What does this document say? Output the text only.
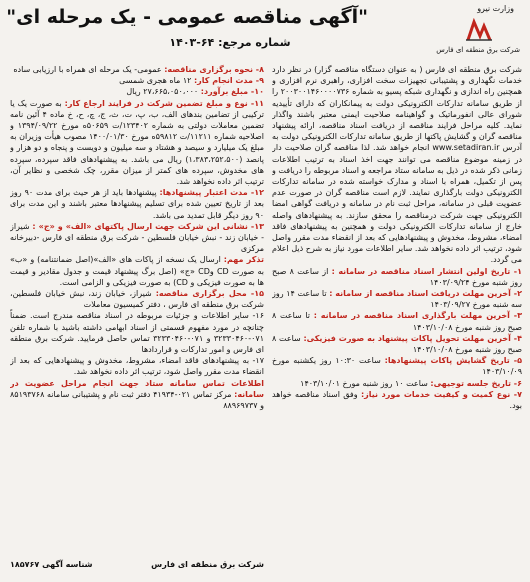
"آگهی مناقصه عمومی - یک مرحله ای"
شماره مرجع: ۶۴-۱۴۰۳
وزارت نیرو
شرکت برق منطقه ای فارس

شرکت برق منطقه ای فارس ( به عنوان دستگاه مناقصه گزار) در نظر دارد خدمات نگهداری و پشتیبانی تجهیزات سخت افزاری، راهبری نرم افزاری و همچنین راه اندازی و نگهداری شبکه پسیو به شماره ۲۰۰۳۰۰۱۴۶۰۰۰۰۷۳۶ را از طریق سامانه تدارکات الکترونیکی دولت به پیمانکاران که دارای تأییدیه شورای عالی انفورماتیک و گواهینامه صلاحیت ایمنی معتبر باشند واگذار نماید. کلیه مراحل فرایند مناقصه از دریافت اسناد مناقصه، ارائه پیشنهاد مناقصه گران و گشایش پاکتها از طریق سامانه تدارکات الکترونیکی دولت به آدرس www.setadiran.ir انجام خواهد شد. لذا مناقصه گران صلاحیت دار در زمینه موضوع مناقصه می توانند جهت اخذ اسناد به ترتیب اطلاعات زمانی ذکر شده در ذیل به سامانه ستاد مراجعه و اسناد مربوطه را دریافت و پس از تکمیل، همراه با اسناد و مدارک خواسته شده در سامانه تدارکات الکترونیکی دولت بارگذاری نمایند. لازم است مناقصه گران در صورت عدم عضویت قبلی در سامانه، مراحل ثبت نام در سامانه و دریافت گواهی امضا الکترونیکی جهت شرکت درمناقصه را محقق سازند. به پیشنهادهای واصله خارج از سامانه تدارکات الکترونیکی دولت و همچنین به پیشنهادهای فاقد امضاء، مشروط، مخدوش و پیشنهادهایی که بعد از انقضاء مدت مقرر واصل شود، ترتیب اثر داده نخواهد شد. سایر اطلاعات مورد نیاز به شرح ذیل اعلام می گردد.

۱- تاریخ اولین انتشار اسناد مناقصه در سامانه : از ساعت ۸ صبح روز شنبه مورخ ۱۴۰۳/۰۹/۲۴

۲- آخرین مهلت دریافت اسناد مناقصه از سامانه : تا ساعت ۱۴ روز سه شنبه مورخ ۱۴۰۳/۰۹/۲۷

۳- آخرین مهلت بارگذاری اسناد مناقصه در سامانه : تا ساعت ۸ صبح روز شنبه مورخ ۱۴۰۳/۱۰/۰۸

۴- آخرین مهلت تحویل پاکات پیشنهاد به صورت فیزیکی: ساعت ۸ صبح روز شنبه مورخ ۱۴۰۳/۱۰/۰۸

۵- تاریخ گشایش پاکات پیشنهادها: ساعت ۱۰:۳۰ روز یکشنبه مورخ ۱۴۰۳/۱۰/۰۹

۶- تاریخ جلسه توجیهی: ساعت ۱۰ روز شنبه مورخ ۱۴۰۳/۱۰/۰۱

۷- نوع کمیت و کیفیت خدمات مورد نیاز: وفق اسناد مناقصه خواهد بود.

۸- نحوه برگزاری مناقصه: عمومی- یک مرحله ای همراه با ارزیابی ساده

۹- مدت انجام کار: ۱۲ ماه هجری شمسی

۱۰- مبلغ برآورد: ۲۷،۶۶۵،۰۵۰،۰۰۰ ریال

۱۱- نوع و مبلغ تضمین شرکت در فرایند ارجاع کار: به صورت یک یا ترکیبی از تضامین بندهای الف، ب، پ، ت، ث، ج، چ، ح، خ ماده ۴ آئین نامه تضمین معاملات دولتی به شماره ۱۲۳۴۰۲/ت ۵۰۶۵۹ه مورخ ۱۳۹۴/۰۹/۲۲ و اصلاحیه شماره ۱۱۲۱۱/ت ۵۹۸۱۲ه مورخ ۱۴۰۰/۰۱/۳۰ مصوب هیأت وزیران به مبلغ یک میلیارد و سیصد و هشتاد و سه میلیون و دویست و پنجاه و دو هزار و پانصد (۱،۳۸۳،۲۵۲،۵۰۰) ریال می باشد. به پیشنهادهای فاقد سپرده، سپرده های مخدوش، سپرده های کمتر از میزان مقرر، چک شخصی و نظایر آن، ترتیب اثر داده نخواهد شد.

۱۲- مدت اعتبار پیشنهادها: پیشنهادها باید از هر حیث برای مدت ۹۰ روز بعد از تاریخ تعیین شده برای تسلیم پیشنهادها معتبر باشند و این مدت برای ۹۰ روز دیگر قابل تمدید می باشد.

۱۳- نشانی این شرکت جهت ارسال پاکتهای «الف» و «ج» : شیراز - خیابان زند - نبش خیابان فلسطین - شرکت برق منطقه ای فارس -دبیرخانه مرکزی

تذکر مهم: ارسال یک نسخه از پاکات های «الف»(اصل ضمانتنامه) و «ب» به صورت CD وCD «ج» (اصل برگ پیشنهاد قیمت و جدول مقادیر و قیمت ها به صورت فیزیکی و CD) به صورت فیزیکی و الزامی است.

۱۵- محل برگزاری مناقصه: شیراز، خیابان زند، نبش خیابان فلسطین، شرکت برق منطقه ای فارس ، دفتر کمیسیون معاملات

۱۶- سایر اطلاعات و جزئیات مربوطه در اسناد مناقصه مندرج است. ضمناً چنانچه در مورد مفهوم قسمتی از اسناد ابهامی داشته باشید با شماره تلفن ۰۷۱-۳۲۳۳۰۴۶۰ و ۰۷۱-۳۲۳۳۰۴۶۰ تماس حاصل فرمایید. شرکت برق منطقه ای فارس و امور تدارکات و قراردادها

۱۷- به پیشنهادهای فاقد امضاء، مشروط، مخدوش و پیشنهادهایی که بعد از انقضاء مدت مقرر واصل شود، ترتیب اثر داده نخواهد شد.

اطلاعات تماس سامانه ستاد جهت انجام مراحل عضویت در سامانه: مرکز تماس ۰۲۱-۴۱۹۳۴ دفتر ثبت نام و پشتیبانی سامانه ۸۵۱۹۳۷۶۸ و ۸۸۹۶۹۷۳۷

شرکت برق منطقه ای فارس
شناسه آگهی ۱۸۵۷۶۷
